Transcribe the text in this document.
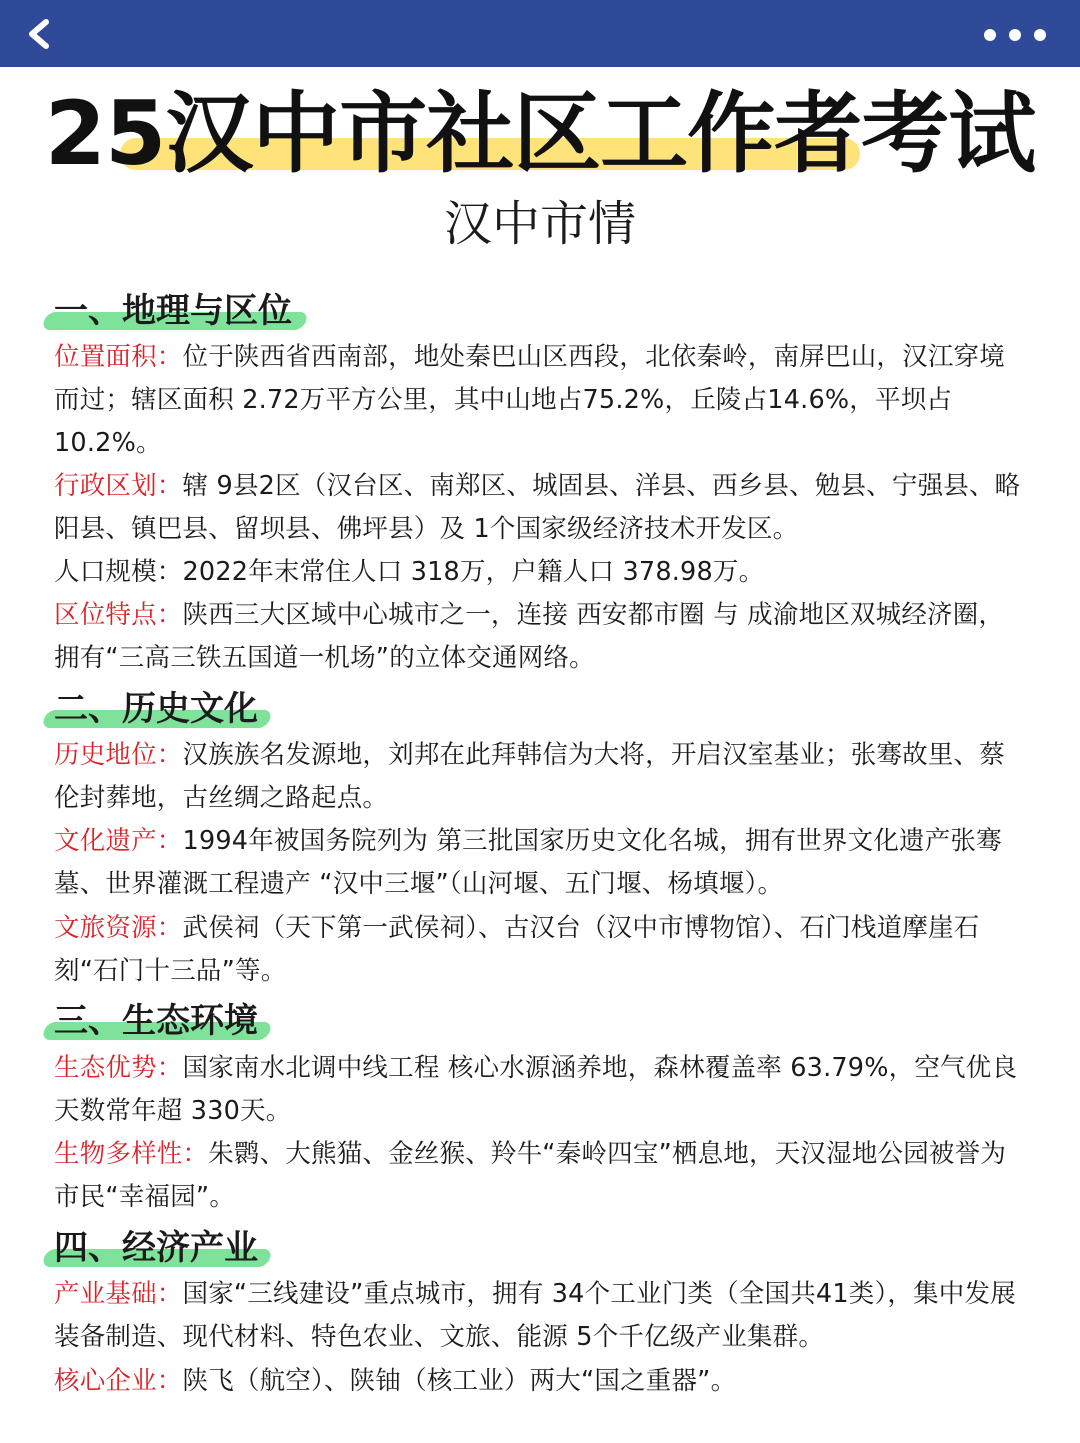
25汉中市社区工作者考试
汉中市情
一、地理与区位
位置面积：位于陕西省西南部，地处秦巴山区西段，北依秦岭，南屏巴山，汉江穿境而过；辖区面积 2.72万平方公里，其中山地占75.2%，丘陵占14.6%，平坝占10.2%。
行政区划：辖 9县2区（汉台区、南郑区、城固县、洋县、西乡县、勉县、宁强县、略阳县、镇巴县、留坝县、佛坪县）及 1个国家级经济技术开发区。
人口规模：2022年末常住人口 318万，户籍人口 378.98万。
区位特点：陕西三大区域中心城市之一，连接 西安都市圈 与 成渝地区双城经济圈，拥有“三高三铁五国道一机场”的立体交通网络。
二、历史文化
历史地位：汉族族名发源地，刘邦在此拜韩信为大将，开启汉室基业；张骞故里、蔡伦封葬地，古丝绸之路起点。
文化遗产：1994年被国务院列为 第三批国家历史文化名城，拥有世界文化遗产张骞墓、世界灌溉工程遗产 “汉中三堰”（山河堰、五门堰、杨填堰）。
文旅资源：武侯祠（天下第一武侯祠）、古汉台（汉中市博物馆）、石门栈道摩崖石刻“石门十三品”等。
三、生态环境
生态优势：国家南水北调中线工程 核心水源涵养地，森林覆盖率 63.79%，空气优良天数常年超 330天。
生物多样性：朱鹮、大熊猫、金丝猴、羚牛“秦岭四宝”栖息地，天汉湿地公园被誉为市民“幸福园”。
四、经济产业
产业基础：国家“三线建设”重点城市，拥有 34个工业门类（全国共41类），集中发展 装备制造、现代材料、特色农业、文旅、能源 5个千亿级产业集群。
核心企业：陕飞（航空）、陕铀（核工业）两大“国之重器”。
